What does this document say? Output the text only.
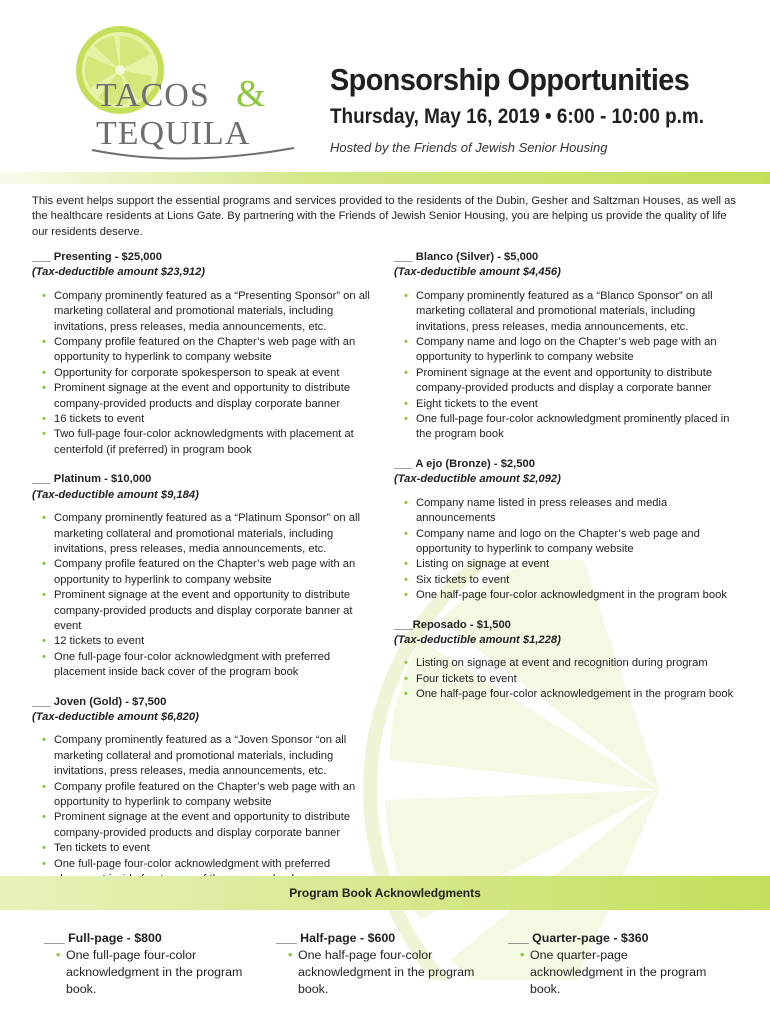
TACOS &
TEQUILA
Sponsorship Opportunities
Thursday, May 16, 2019 • 6:00 - 10:00 p.m.
Hosted by the Friends of Jewish Senior Housing
This event helps support the essential programs and services provided to the residents of the Dubin, Gesher and Saltzman Houses, as well as the healthcare residents at Lions Gate. By partnering with the Friends of Jewish Senior Housing, you are helping us provide the quality of life our residents deserve.
___ Presenting - $25,000
(Tax-deductible amount $23,912)
• Company prominently featured as a “Presenting Sponsor” on all marketing collateral and promotional materials, including invitations, press releases, media announcements, etc.
• Company profile featured on the Chapter’s web page with an opportunity to hyperlink to company website
• Opportunity for corporate spokesperson to speak at event
• Prominent signage at the event and opportunity to distribute company-provided products and display corporate banner
• 16 tickets to event
• Two full-page four-color acknowledgments with placement at centerfold (if preferred) in program book
___ Platinum - $10,000
(Tax-deductible amount $9,184)
• Company prominently featured as a “Platinum Sponsor” on all marketing collateral and promotional materials, including invitations, press releases, media announcements, etc.
• Company profile featured on the Chapter’s web page with an opportunity to hyperlink to company website
• Prominent signage at the event and opportunity to distribute company-provided products and display corporate banner at event
• 12 tickets to event
• One full-page four-color acknowledgment with preferred placement inside back cover of the program book
___ Joven (Gold) - $7,500
(Tax-deductible amount $6,820)
• Company prominently featured as a “Joven Sponsor “on all marketing collateral and promotional materials, including invitations, press releases, media announcements, etc.
• Company profile featured on the Chapter’s web page with an opportunity to hyperlink to company website
• Prominent signage at the event and opportunity to distribute company-provided products and display corporate banner
• Ten tickets to event
• One full-page four-color acknowledgment with preferred
___ Blanco (Silver) - $5,000
(Tax-deductible amount $4,456)
• Company prominently featured as a “Blanco Sponsor” on all marketing collateral and promotional materials, including invitations, press releases, media announcements, etc.
• Company name and logo on the Chapter’s web page with an opportunity to hyperlink to company website
• Prominent signage at the event and opportunity to distribute company-provided products and display a corporate banner
• Eight tickets to the event
• One full-page four-color acknowledgment prominently placed in the program book
___ A ejo (Bronze) - $2,500
(Tax-deductible amount $2,092)
• Company name listed in press releases and media announcements
• Company name and logo on the Chapter’s web page and opportunity to hyperlink to company website
• Listing on signage at event
• Six tickets to event
• One half-page four-color acknowledgment in the program book
___Reposado - $1,500
(Tax-deductible amount $1,228)
• Listing on signage at event and recognition during program
• Four tickets to event
• One half-page four-color acknowledgement in the program book
Program Book Acknowledgments
___ Full-page - $800
• One full-page four-color acknowledgment in the program book.
___ Half-page - $600
• One half-page four-color acknowledgment in the program book.
___ Quarter-page - $360
• One quarter-page acknowledgment in the program book.
